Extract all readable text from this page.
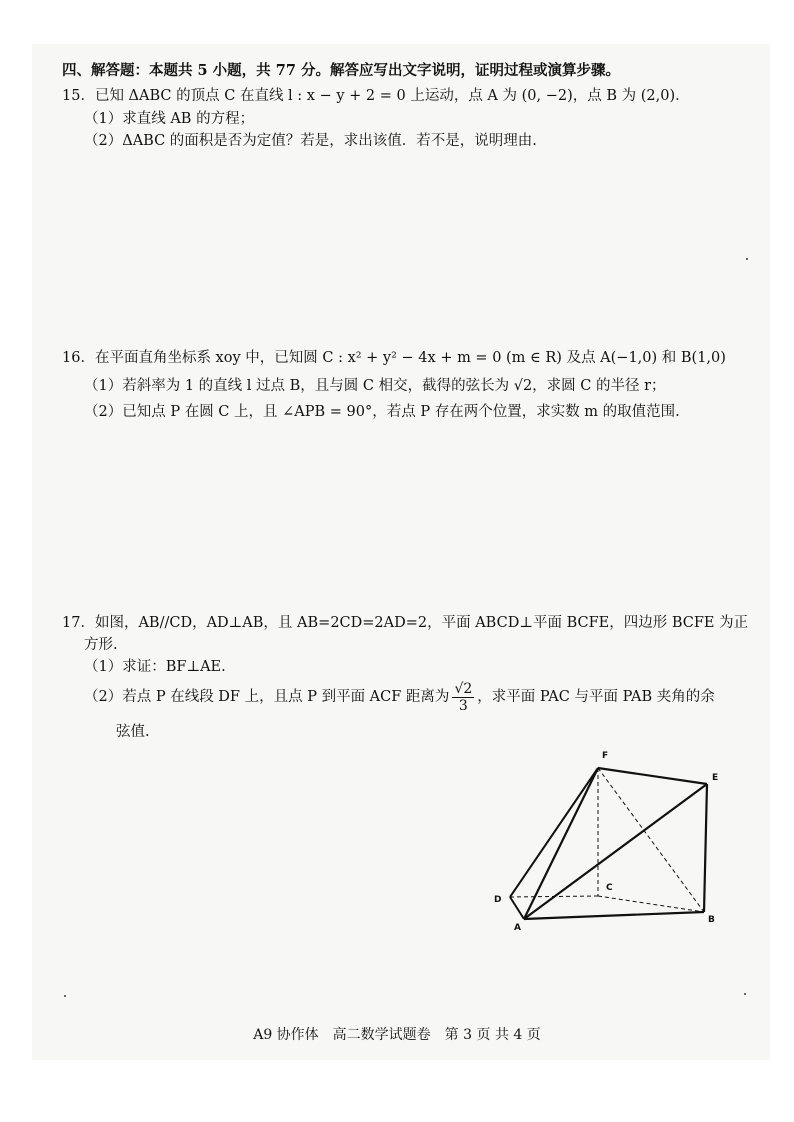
四、解答题：本题共 5 小题，共 77 分。解答应写出文字说明，证明过程或演算步骤。
15．已知 ΔABC 的顶点 C 在直线 l : x − y + 2 = 0 上运动，点 A 为 (0, −2)，点 B 为 (2,0)．
（1）求直线 AB 的方程；
（2）ΔABC 的面积是否为定值？若是，求出该值．若不是，说明理由.
16．在平面直角坐标系 xoy 中，已知圆 C : x² + y² − 4x + m = 0 (m ∈ R) 及点 A(−1,0) 和 B(1,0)
（1）若斜率为 1 的直线 l 过点 B，且与圆 C 相交，截得的弦长为 √2，求圆 C 的半径 r；
（2）已知点 P 在圆 C 上，且 ∠APB = 90°，若点 P 存在两个位置，求实数 m 的取值范围.
17．如图，AB//CD，AD⊥AB，且 AB=2CD=2AD=2，平面 ABCD⊥平面 BCFE，四边形 BCFE 为正
方形.
（1）求证：BF⊥AE.
（2）若点 P 在线段 DF 上，且点 P 到平面 ACF 距离为 $\frac{√2}{3}$ ，求平面 PAC 与平面 PAB 夹角的余
弦值.
F
E
C
D
A
B
A9 协作体　高二数学试题卷　第 3 页 共 4 页
